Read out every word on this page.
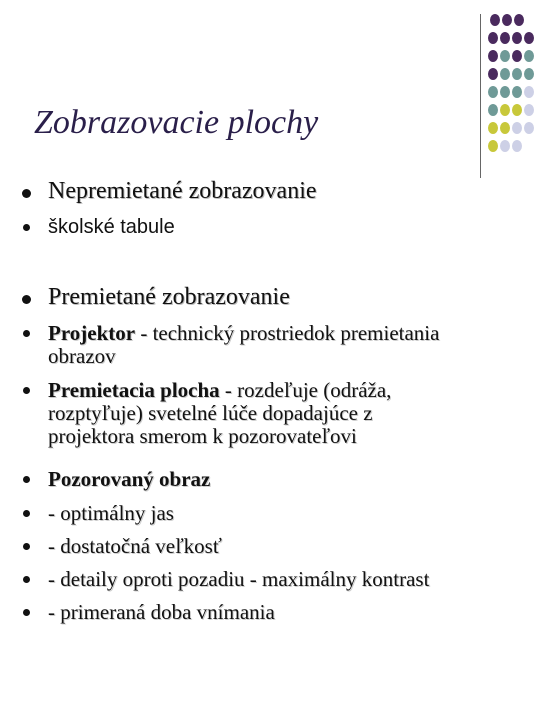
Zobrazovacie plochy
Nepremietané zobrazovanie
školské tabule
Premietané zobrazovanie
Projektor - technický prostriedok premietania
obrazov
Premietacia plocha - rozdeľuje (odráža,
rozptyľuje) svetelné lúče dopadajúce z
projektora smerom k pozorovateľovi
Pozorovaný obraz
- optimálny jas
- dostatočná veľkosť
- detaily oproti pozadiu - maximálny kontrast
- primeraná doba vnímania
